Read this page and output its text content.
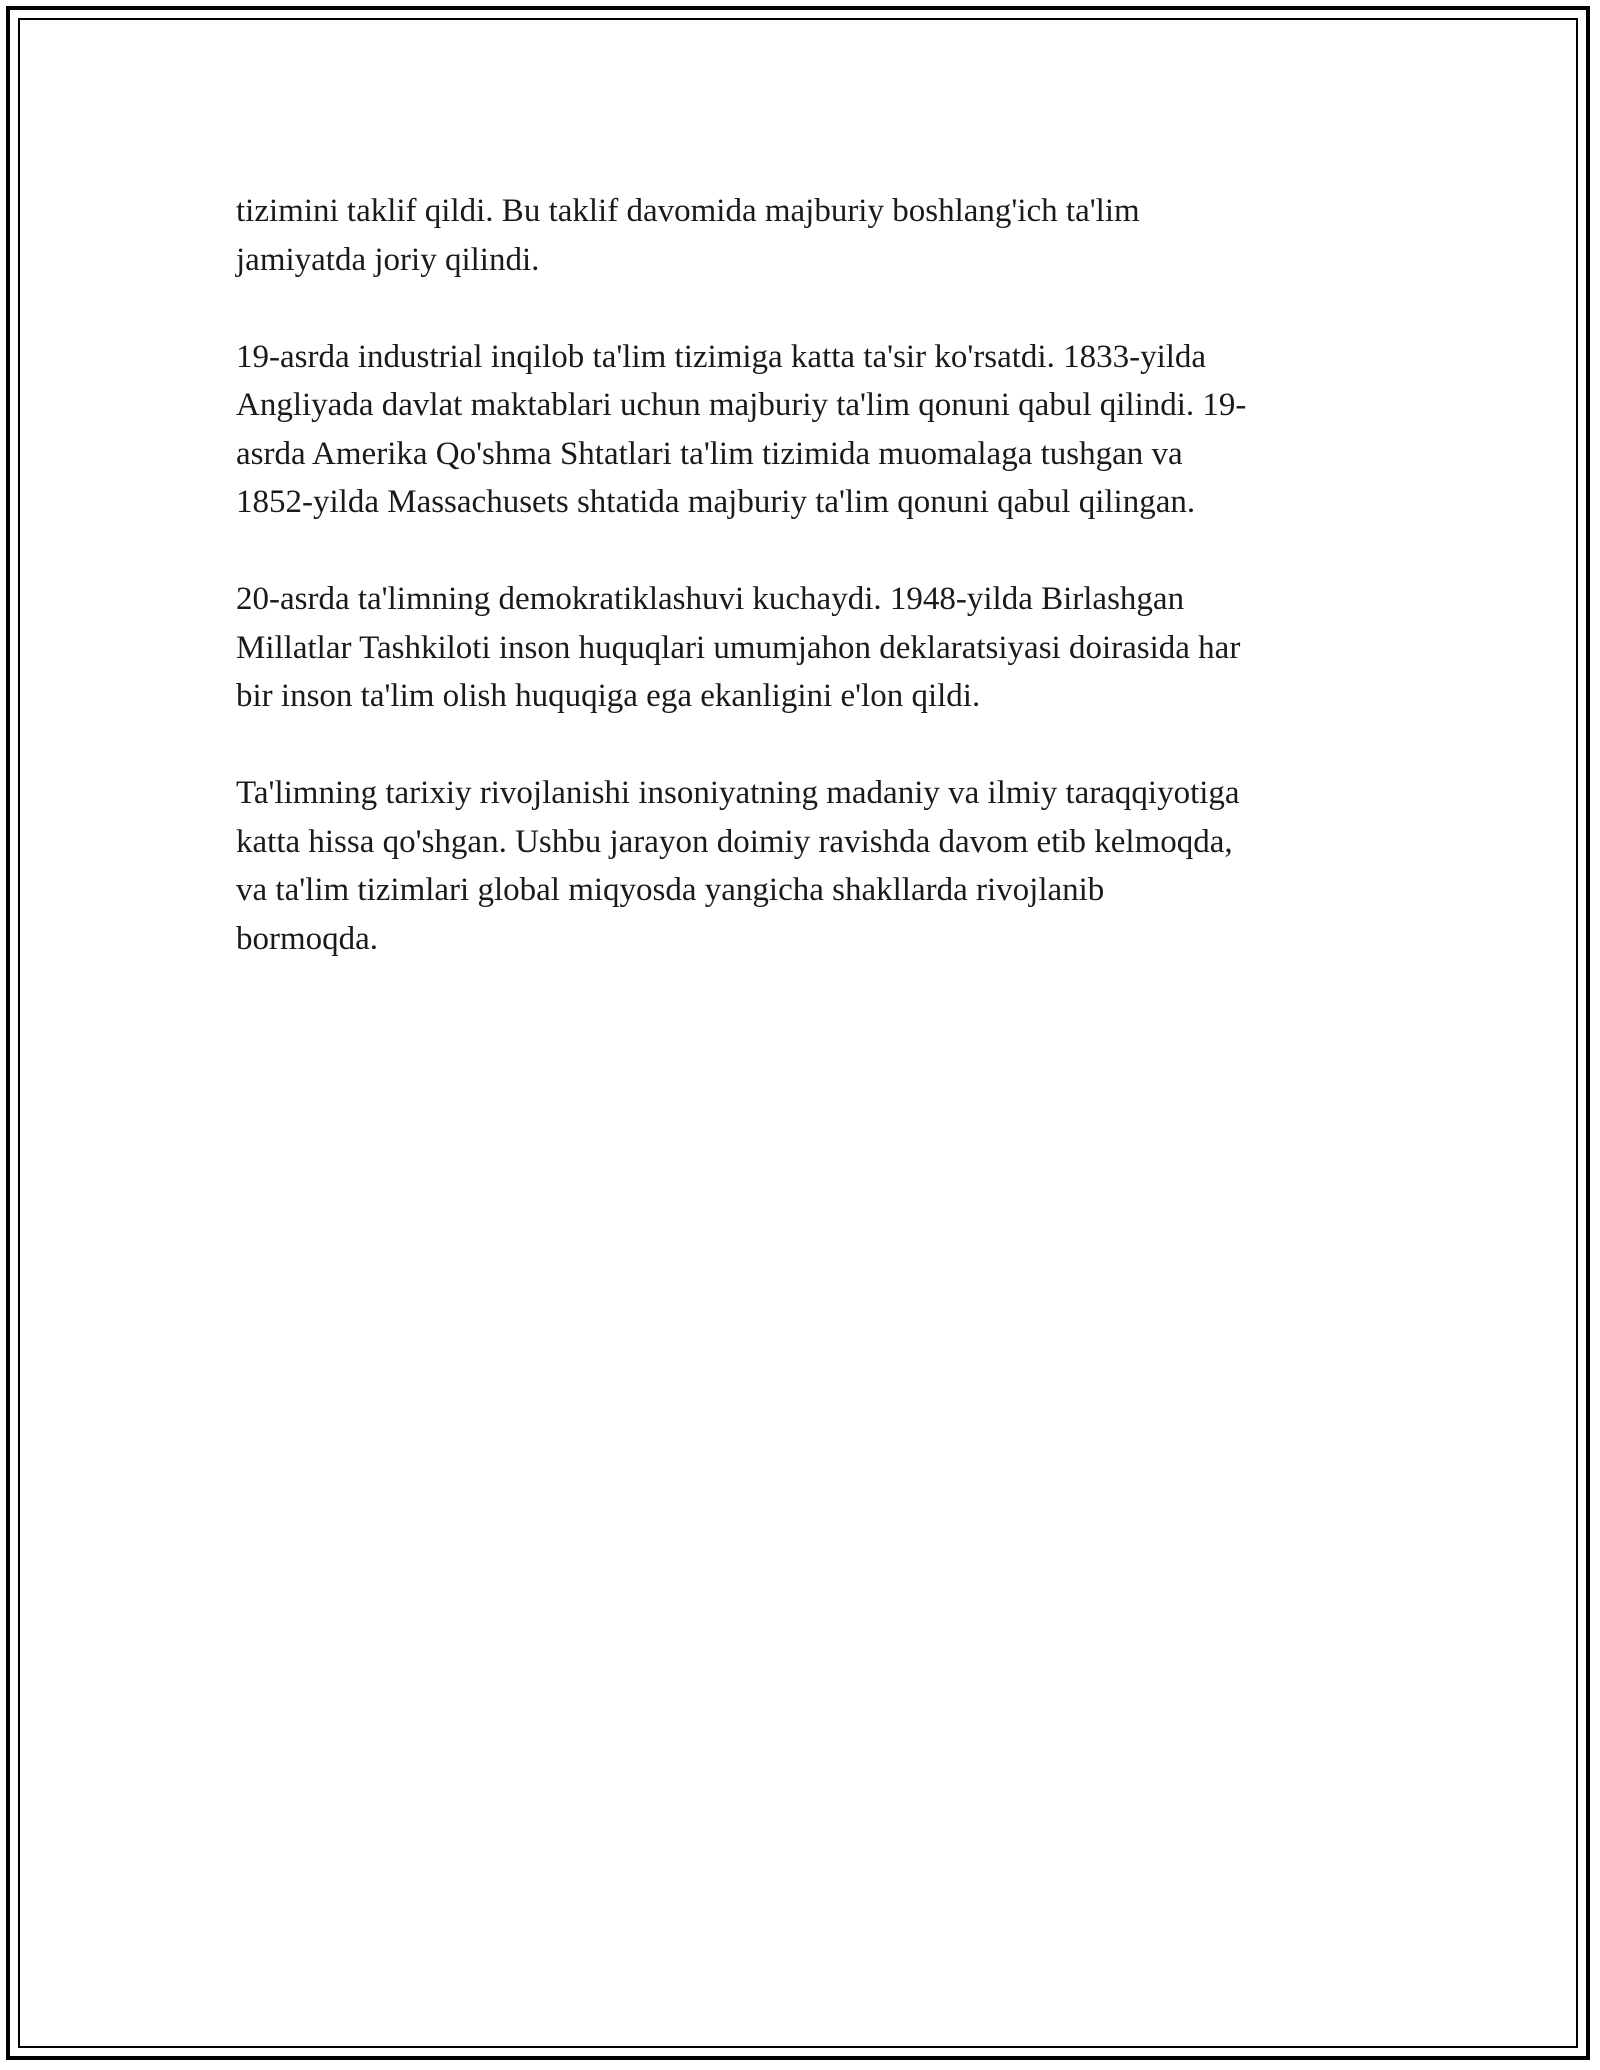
tizimini taklif qildi. Bu taklif davomida majburiy boshlang'ich ta'lim
jamiyatda joriy qilindi.

19-asrda industrial inqilob ta'lim tizimiga katta ta'sir ko'rsatdi. 1833-yilda
Angliyada davlat maktablari uchun majburiy ta'lim qonuni qabul qilindi. 19-
asrda Amerika Qo'shma Shtatlari ta'lim tizimida muomalaga tushgan va
1852-yilda Massachusets shtatida majburiy ta'lim qonuni qabul qilingan.

20-asrda ta'limning demokratiklashuvi kuchaydi. 1948-yilda Birlashgan
Millatlar Tashkiloti inson huquqlari umumjahon deklaratsiyasi doirasida har
bir inson ta'lim olish huquqiga ega ekanligini e'lon qildi.

Ta'limning tarixiy rivojlanishi insoniyatning madaniy va ilmiy taraqqiyotiga
katta hissa qo'shgan. Ushbu jarayon doimiy ravishda davom etib kelmoqda,
va ta'lim tizimlari global miqyosda yangicha shakllarda rivojlanib
bormoqda.
